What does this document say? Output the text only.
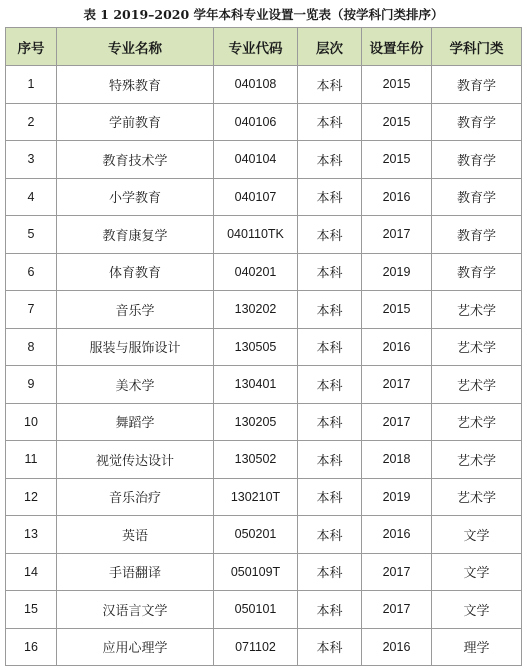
表 1 2019–2020 学年本科专业设置一览表（按学科门类排序）
序号	专业名称	专业代码	层次	设置年份	学科门类
1	特殊教育	040108	本科	2015	教育学
2	学前教育	040106	本科	2015	教育学
3	教育技术学	040104	本科	2015	教育学
4	小学教育	040107	本科	2016	教育学
5	教育康复学	040110TK	本科	2017	教育学
6	体育教育	040201	本科	2019	教育学
7	音乐学	130202	本科	2015	艺术学
8	服装与服饰设计	130505	本科	2016	艺术学
9	美术学	130401	本科	2017	艺术学
10	舞蹈学	130205	本科	2017	艺术学
11	视觉传达设计	130502	本科	2018	艺术学
12	音乐治疗	130210T	本科	2019	艺术学
13	英语	050201	本科	2016	文学
14	手语翻译	050109T	本科	2017	文学
15	汉语言文学	050101	本科	2017	文学
16	应用心理学	071102	本科	2016	理学
